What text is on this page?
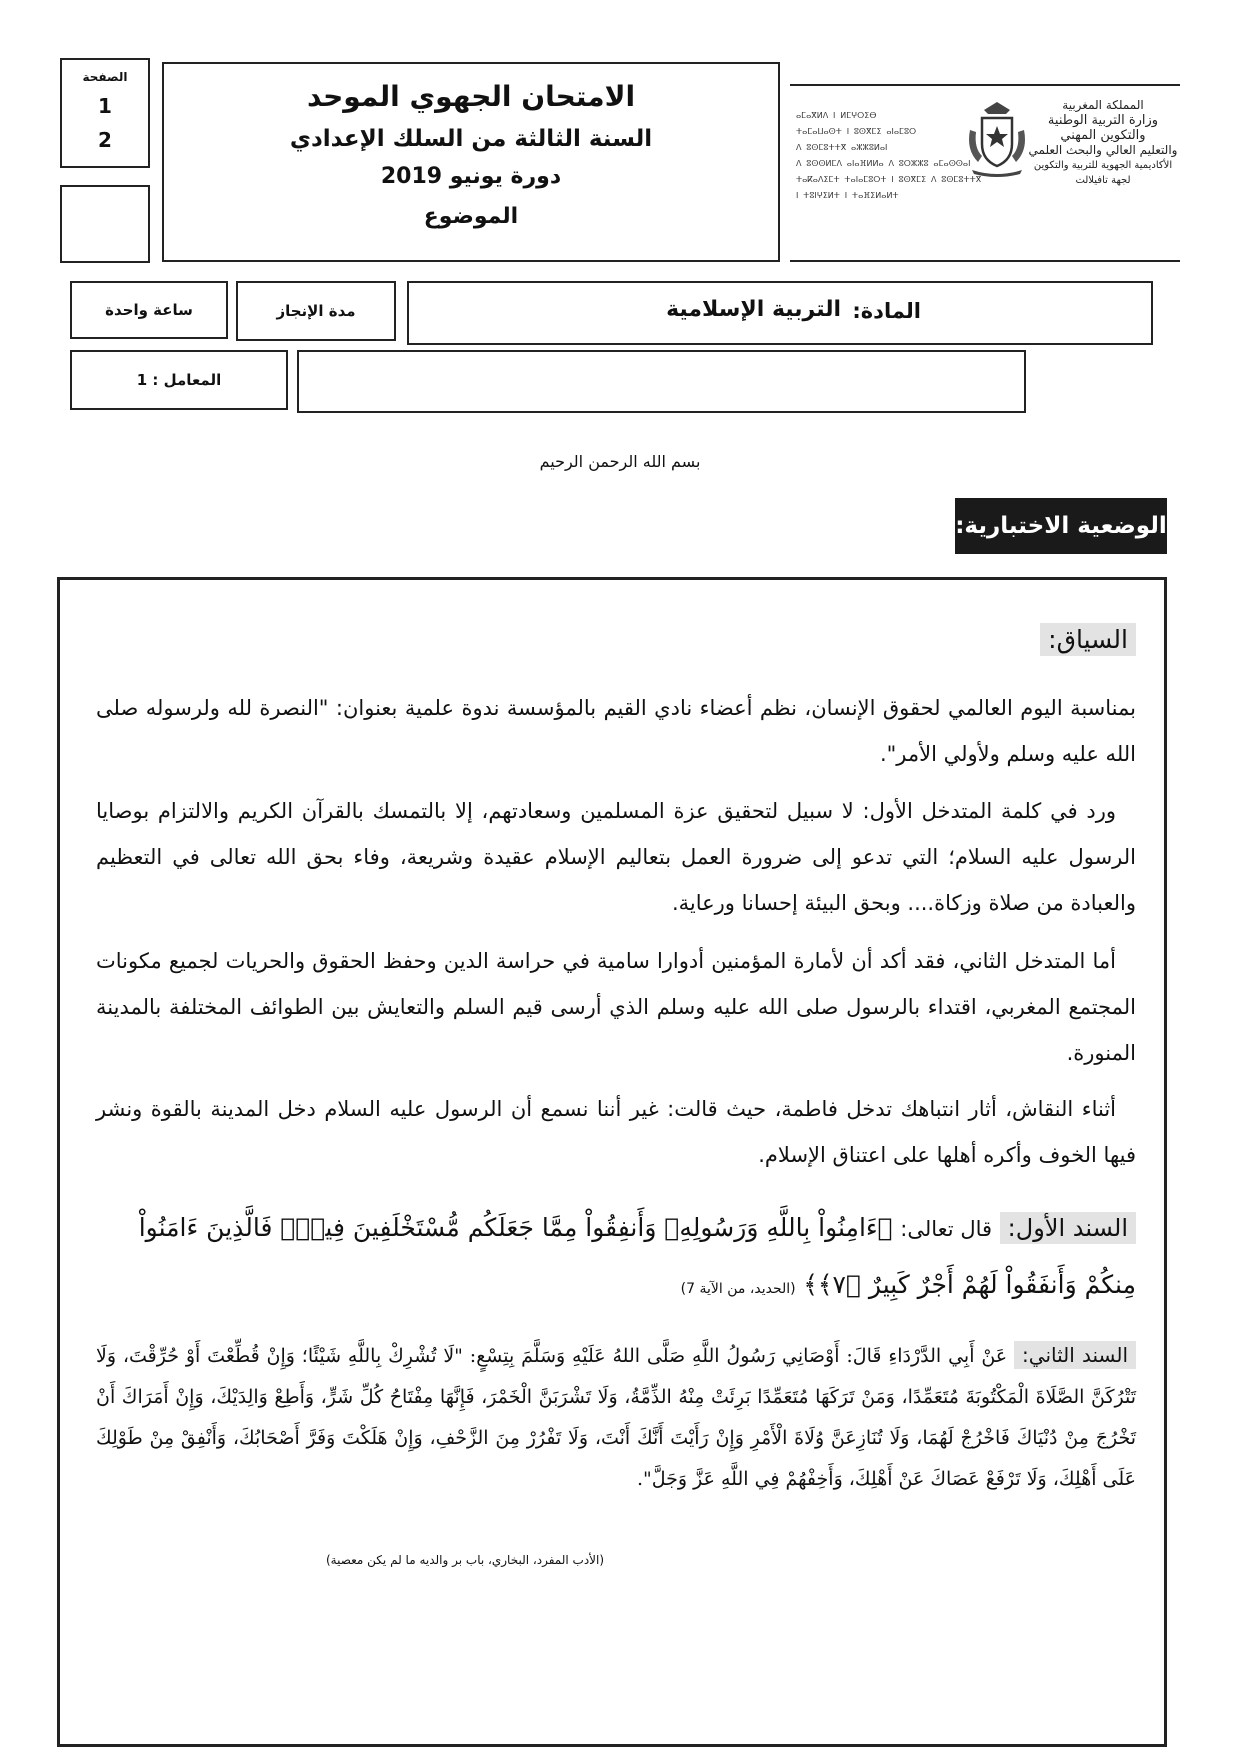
الصفحة
1
2
الامتحان الجهوي الموحد
السنة الثالثة من السلك الإعدادي
دورة يونيو 2019
الموضوع
ⴰⵎⴰⴳⵍⴷ ⵏ ⵍⵎⵖⵔⵉⴱ
ⵜⴰⵎⴰⵡⴰⵙⵜ ⵏ ⵓⵙⴳⵎⵉ ⴰⵏⴰⵎⵓⵔ
ⴷ ⵓⵙⵎⵓⵜⵜⴳ ⴰⵣⵣⵓⵍⴰⵏ
ⴷ ⵓⵙⵙⵍⵎⴷ ⴰⵏⴰⴼⵍⵍⴰ ⴷ ⵓⵔⵣⵣⵓ ⴰⵎⴰⵙⵙⴰⵏ
ⵜⴰⴽⴰⴷⵉⵎⵜ ⵜⴰⵏⴰⵎⵓⵔⵜ ⵏ ⵓⵙⴳⵎⵉ ⴷ ⵓⵙⵎⵓⵜⵜⴳ
ⵏ ⵜⵓⵏⵖⵉⵍⵜ ⵏ ⵜⴰⴼⵉⵍⴰⵍⵜ
المملكة المغربية
وزارة التربية الوطنية
والتكوين المهني
والتعليم العالي والبحث العلمي
الأكاديمية الجهوية للتربية والتكوين
لجهة تافيلالت
المادة:
التربية الإسلامية
مدة الإنجاز
ساعة واحدة
المعامل : 1
بسم الله الرحمن الرحيم
الوضعية الاختبارية:
السياق:
بمناسبة اليوم العالمي لحقوق الإنسان، نظم أعضاء نادي القيم بالمؤسسة ندوة علمية بعنوان: "النصرة لله ولرسوله صلى الله عليه وسلم ولأولي الأمر".
ورد في كلمة المتدخل الأول: لا سبيل لتحقيق عزة المسلمين وسعادتهم، إلا بالتمسك بالقرآن الكريم والالتزام بوصايا الرسول عليه السلام؛ التي تدعو إلى ضرورة العمل بتعاليم الإسلام عقيدة وشريعة، وفاء بحق الله تعالى في التعظيم والعبادة من صلاة وزكاة.... وبحق البيئة إحسانا ورعاية.
أما المتدخل الثاني، فقد أكد أن لأمارة المؤمنين أدوارا سامية في حراسة الدين وحفظ الحقوق والحريات لجميع مكونات المجتمع المغربي، اقتداء بالرسول صلى الله عليه وسلم الذي أرسى قيم السلم والتعايش بين الطوائف المختلفة بالمدينة المنورة.
أثناء النقاش، أثار انتباهك تدخل فاطمة، حيث قالت: غير أننا نسمع أن الرسول عليه السلام دخل المدينة بالقوة ونشر فيها الخوف وأكره أهلها على اعتناق الإسلام.
السند الأول: قال تعالى: ﴿ءَامِنُواْ بِاللَّهِ وَرَسُولِهِۦ وَأَنفِقُواْ مِمَّا جَعَلَكُم مُّسْتَخْلَفِينَ فِيهِۖ فَالَّذِينَ ءَامَنُواْ مِنكُمْ وَأَنفَقُواْ لَهُمْ أَجْرٌ كَبِيرٌ ﴿٧﴾﴾ (الحديد، من الآية 7)
السند الثاني: عَنْ أَبِي الدَّرْدَاءِ قَالَ: أَوْصَانِي رَسُولُ اللَّهِ صَلَّى اللهُ عَلَيْهِ وَسَلَّمَ بِتِسْعٍ: "لَا تُشْرِكْ بِاللَّهِ شَيْئًا؛ وَإِنْ قُطِّعْتَ أَوْ حُرِّقْتَ، وَلَا تَتْرُكَنَّ الصَّلَاةَ الْمَكْتُوبَةَ مُتَعَمِّدًا، وَمَنْ تَرَكَهَا مُتَعَمِّدًا بَرِئَتْ مِنْهُ الذِّمَّةُ، وَلَا تَشْرَبَنَّ الْخَمْرَ، فَإِنَّهَا مِفْتَاحُ كُلِّ شَرٍّ، وَأَطِعْ وَالِدَيْكَ، وَإِنْ أَمَرَاكَ أَنْ تَخْرُجَ مِنْ دُنْيَاكَ فَاخْرُجْ لَهُمَا، وَلَا تُنَازِعَنَّ وُلَاةَ الْأَمْرِ وَإِنْ رَأَيْتَ أَنَّكَ أَنْتَ، وَلَا تَفْرُرْ مِنَ الزَّحْفِ، وَإِنْ هَلَكْتَ وَفَرَّ أَصْحَابُكَ، وَأَنْفِقْ مِنْ طَوْلِكَ عَلَى أَهْلِكَ، وَلَا تَرْفَعْ عَصَاكَ عَنْ أَهْلِكَ، وَأَخِفْهُمْ فِي اللَّهِ عَزَّ وَجَلَّ".
(الأدب المفرد، البخاري، باب بر والديه ما لم يكن معصية)
